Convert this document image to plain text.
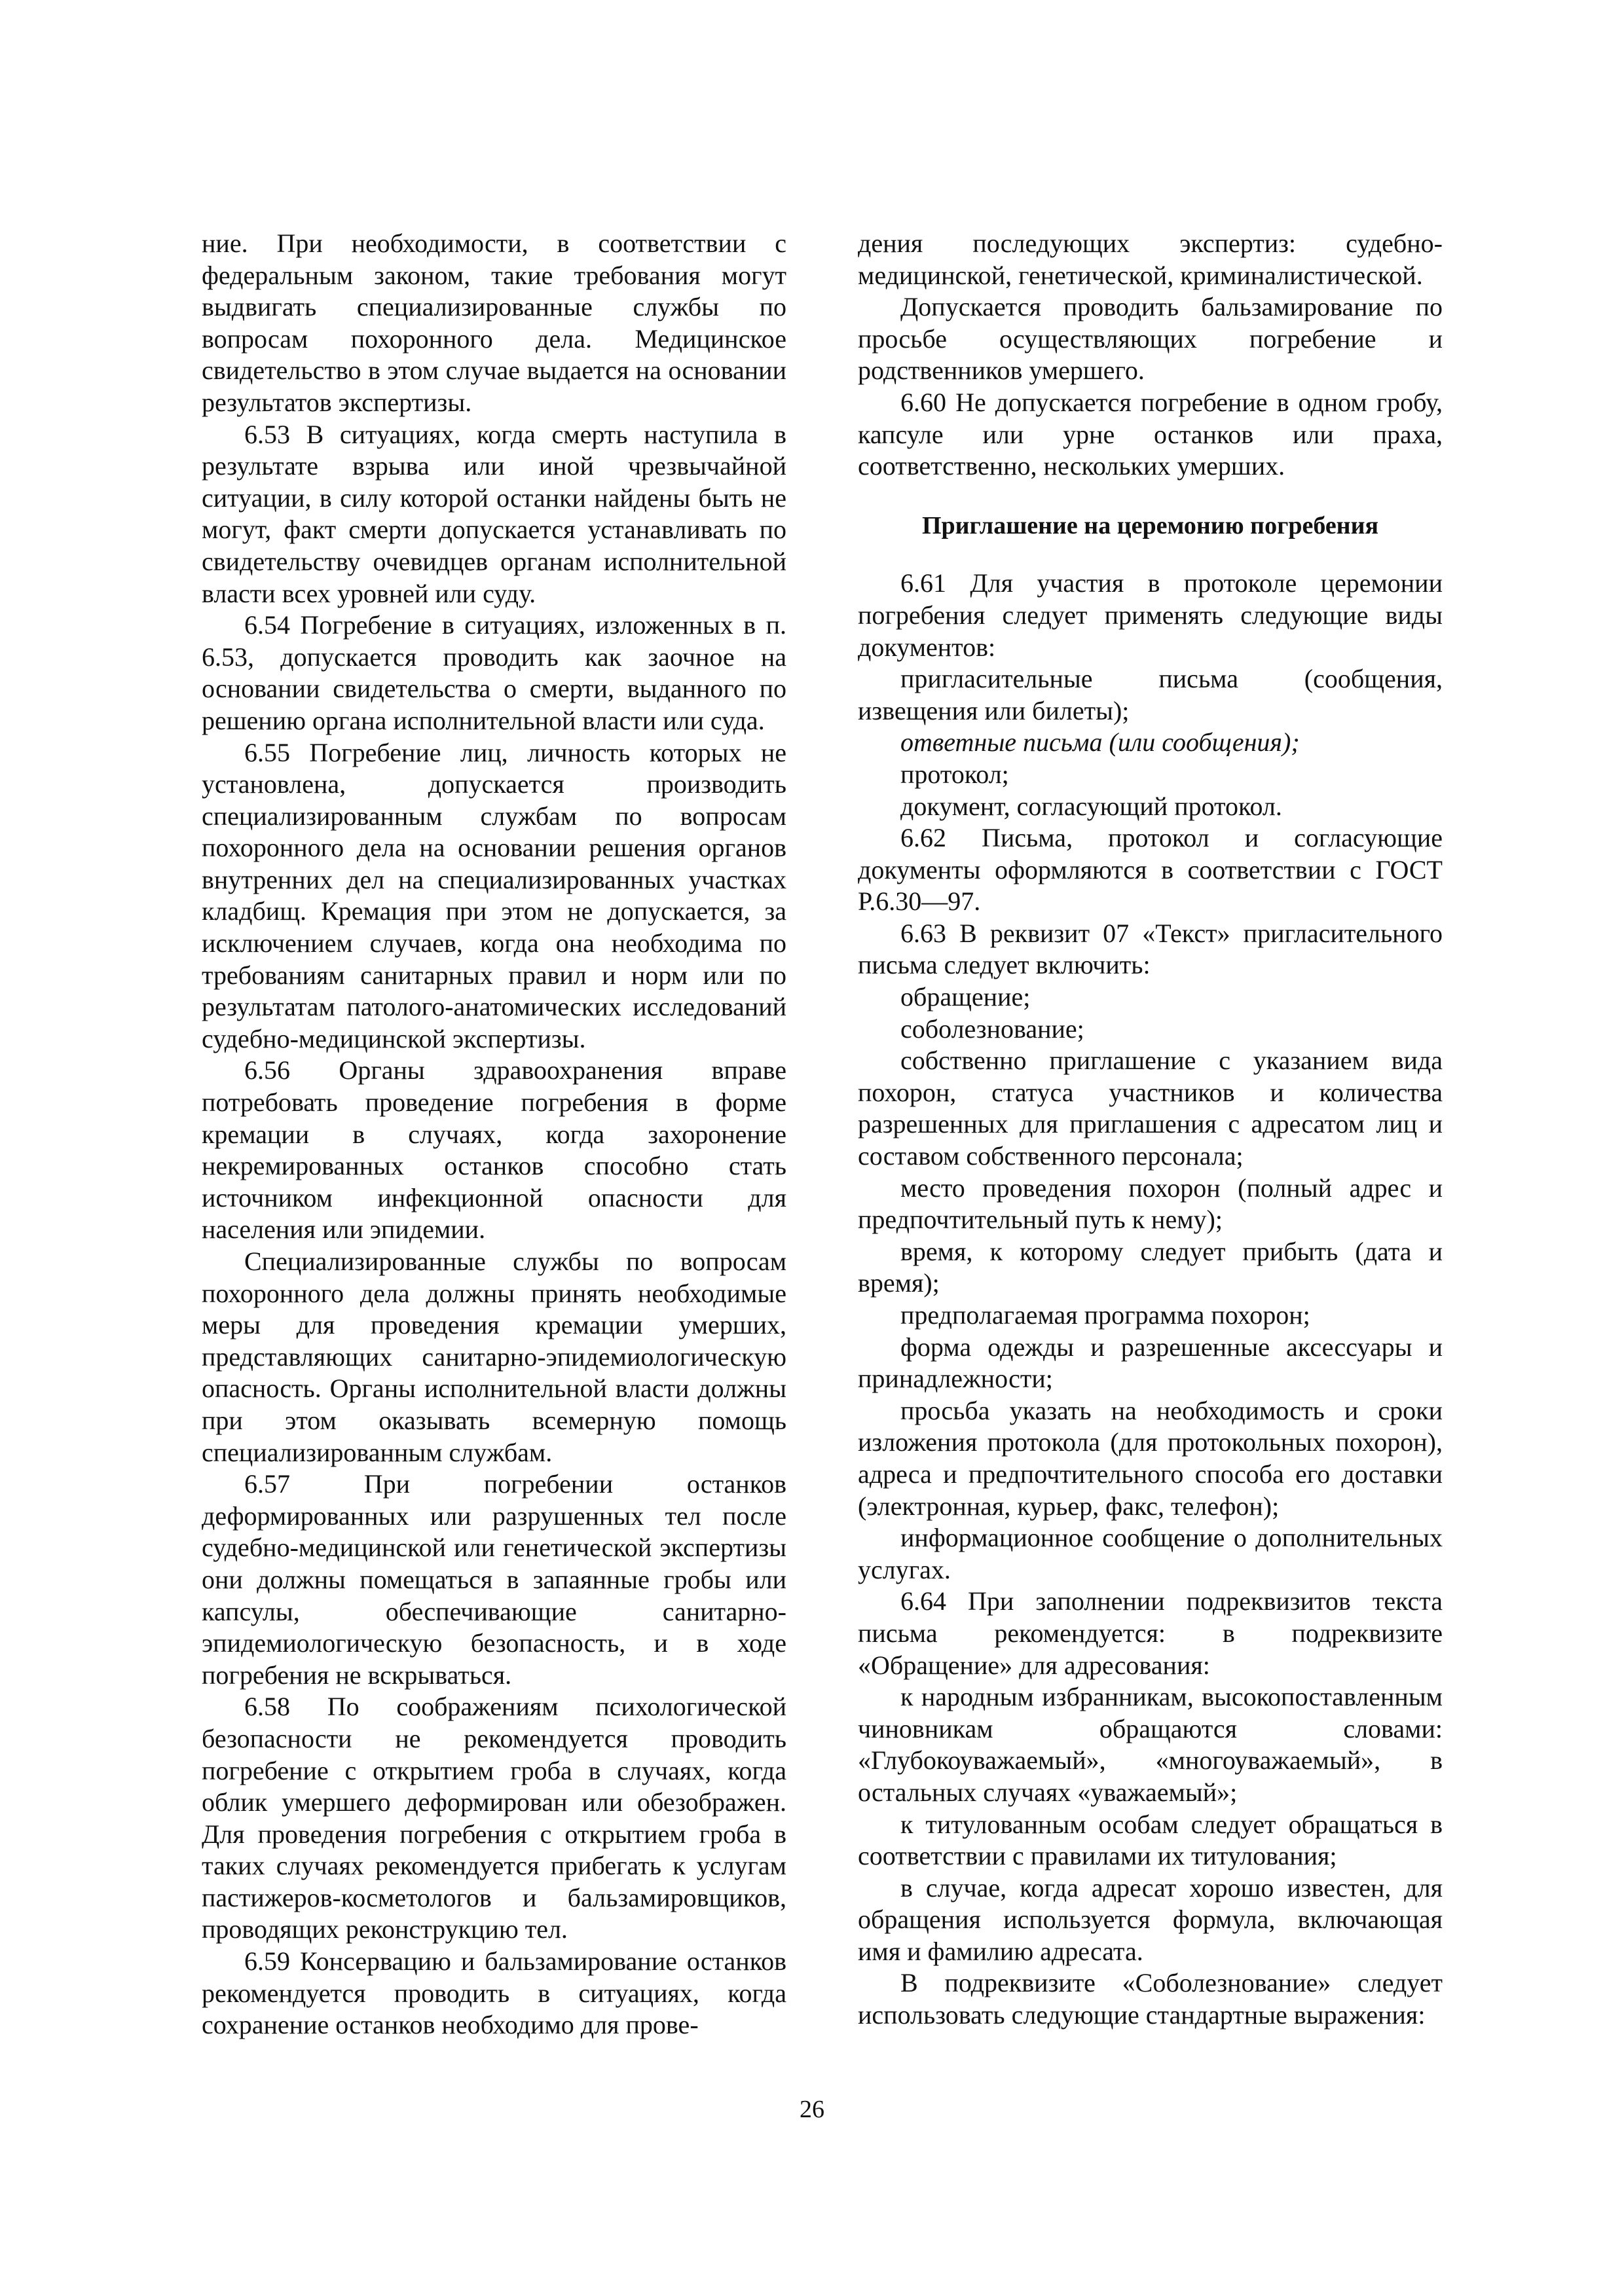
ние. При необходимости, в соответствии с федеральным законом, такие требования могут выдвигать специализированные службы по вопросам похоронного дела. Медицинское свидетельство в этом случае выдается на основании результатов экспертизы.

6.53 В ситуациях, когда смерть наступила в результате взрыва или иной чрезвычайной ситуации, в силу которой останки найдены быть не могут, факт смерти допускается устанавливать по свидетельству очевидцев органам исполнительной власти всех уровней или суду.

6.54 Погребение в ситуациях, изложенных в п. 6.53, допускается проводить как заочное на основании свидетельства о смерти, выданного по решению органа исполнительной власти или суда.

6.55 Погребение лиц, личность которых не установлена, допускается производить специализированным службам по вопросам похоронного дела на основании решения органов внутренних дел на специализированных участках кладбищ. Кремация при этом не допускается, за исключением случаев, когда она необходима по требованиям санитарных правил и норм или по результатам патолого-анатомических исследований судебно-медицинской экспертизы.

6.56 Органы здравоохранения вправе потребовать проведение погребения в форме кремации в случаях, когда захоронение некремированных останков способно стать источником инфекционной опасности для населения или эпидемии.

Специализированные службы по вопросам похоронного дела должны принять необходимые меры для проведения кремации умерших, представляющих санитарно-эпидемиологическую опасность. Органы исполнительной власти должны при этом оказывать всемерную помощь специализированным службам.

6.57 При погребении останков деформированных или разрушенных тел после судебно-медицинской или генетической экспертизы они должны помещаться в запаянные гробы или капсулы, обеспечивающие санитарно-эпидемиологическую безопасность, и в ходе погребения не вскрываться.

6.58 По соображениям психологической безопасности не рекомендуется проводить погребение с открытием гроба в случаях, когда облик умершего деформирован или обезображен. Для проведения погребения с открытием гроба в таких случаях рекомендуется прибегать к услугам пастижеров-косметологов и бальзамировщиков, проводящих реконструкцию тел.

6.59 Консервацию и бальзамирование останков рекомендуется проводить в ситуациях, когда сохранение останков необходимо для прове-

дения последующих экспертиз: судебно-медицинской, генетической, криминалистической.

Допускается проводить бальзамирование по просьбе осуществляющих погребение и родственников умершего.

6.60 Не допускается погребение в одном гробу, капсуле или урне останков или праха, соответственно, нескольких умерших.

Приглашение на церемонию погребения

6.61 Для участия в протоколе церемонии погребения следует применять следующие виды документов:

пригласительные письма (сообщения, извещения или билеты);

ответные письма (или сообщения);

протокол;

документ, согласующий протокол.

6.62 Письма, протокол и согласующие документы оформляются в соответствии с ГОСТ Р.6.30—97.

6.63 В реквизит 07 «Текст» пригласительного письма следует включить:

обращение;

соболезнование;

собственно приглашение с указанием вида похорон, статуса участников и количества разрешенных для приглашения с адресатом лиц и составом собственного персонала;

место проведения похорон (полный адрес и предпочтительный путь к нему);

время, к которому следует прибыть (дата и время);

предполагаемая программа похорон;

форма одежды и разрешенные аксессуары и принадлежности;

просьба указать на необходимость и сроки изложения протокола (для протокольных похорон), адреса и предпочтительного способа его доставки (электронная, курьер, факс, телефон);

информационное сообщение о дополнительных услугах.

6.64 При заполнении подреквизитов текста письма рекомендуется: в подреквизите «Обращение» для адресования:

к народным избранникам, высокопоставленным чиновникам обращаются словами: «Глубокоуважаемый», «многоуважаемый», в остальных случаях «уважаемый»;

к титулованным особам следует обращаться в соответствии с правилами их титулования;

в случае, когда адресат хорошо известен, для обращения используется формула, включающая имя и фамилию адресата.

В подреквизите «Соболезнование» следует использовать следующие стандартные выражения:

26
